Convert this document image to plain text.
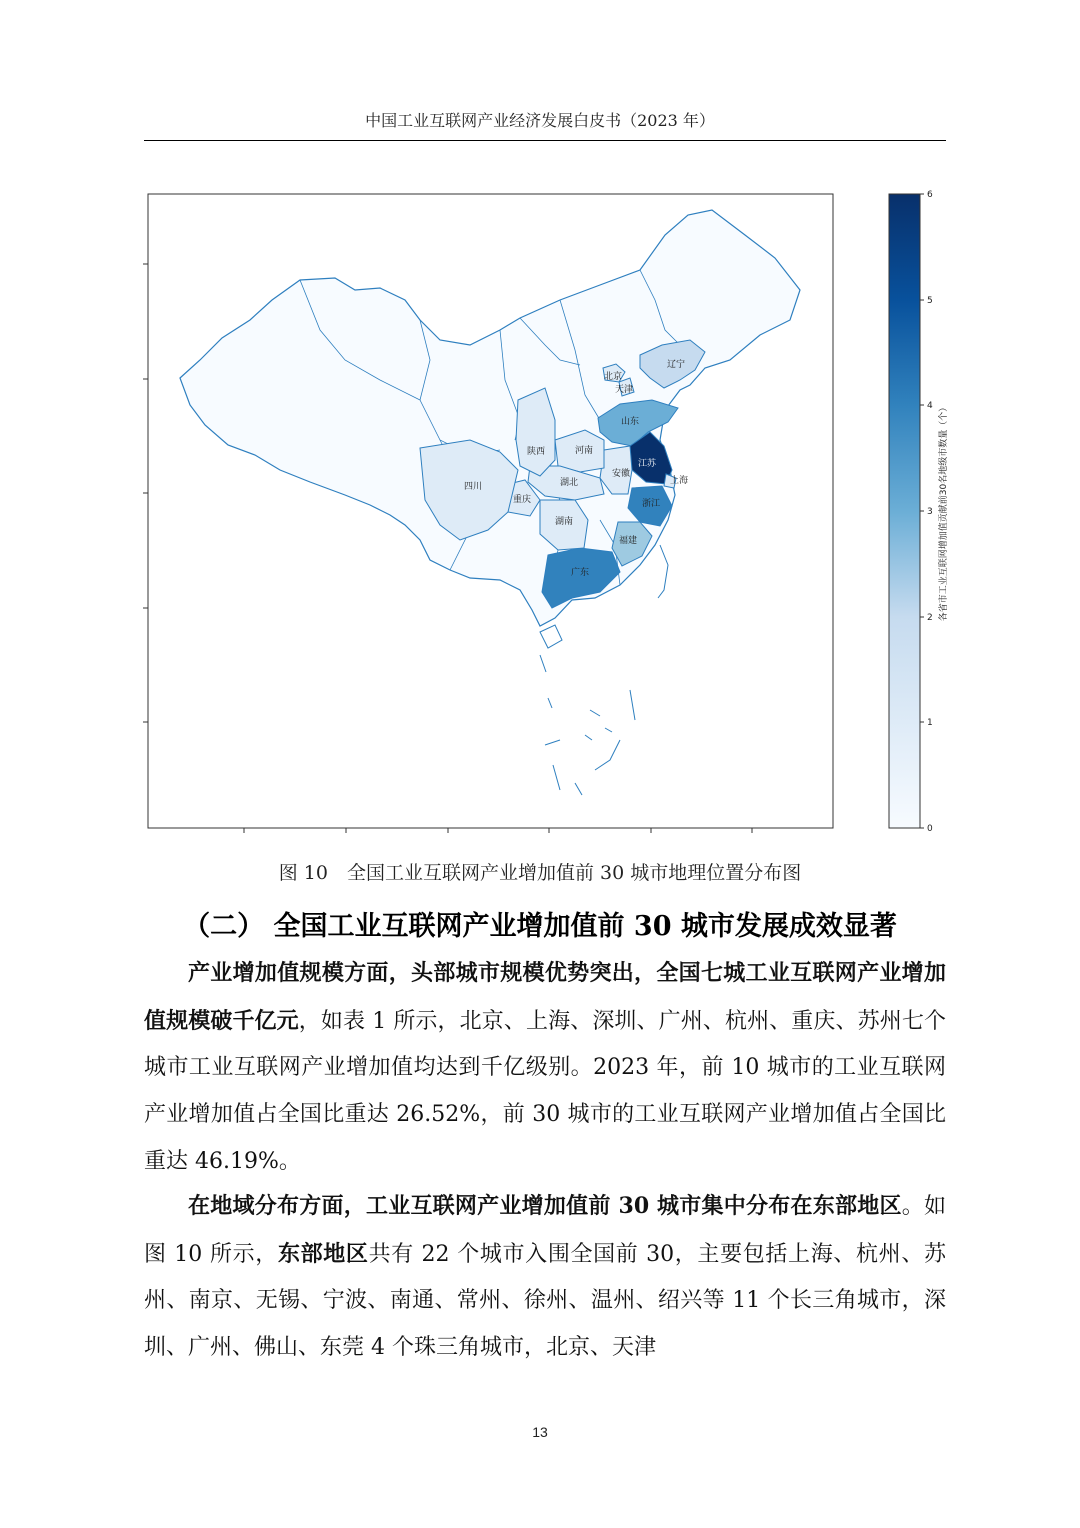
中国工业互联网产业经济发展白皮书（2023 年）
辽宁
北京
天津
山东
河南
陕西
江苏
安徽
上海
湖北
四川
重庆	浙江
湖南
福建
广东
0
1
2
3
4
5
6
各省市工业互联网增加值贡献前30名地级市数量（个）
图 10　全国工业互联网产业增加值前 30 城市地理位置分布图
（二） 全国工业互联网产业增加值前 30 城市发展成效显著

产业增加值规模方面，头部城市规模优势突出，全国七城工业互联网产业增加值规模破千亿元，如表 1 所示，北京、上海、深圳、广州、杭州、重庆、苏州七个城市工业互联网产业增加值均达到千亿级别。2023 年，前 10 城市的工业互联网产业增加值占全国比重达 26.52%，前 30 城市的工业互联网产业增加值占全国比重达 46.19%。

在地域分布方面，工业互联网产业增加值前 30 城市集中分布在东部地区。如图 10 所示，东部地区共有 22 个城市入围全国前 30，主要包括上海、杭州、苏州、南京、无锡、宁波、南通、常州、徐州、温州、绍兴等 11 个长三角城市，深圳、广州、佛山、东莞 4 个珠三角城市，北京、天津

13
